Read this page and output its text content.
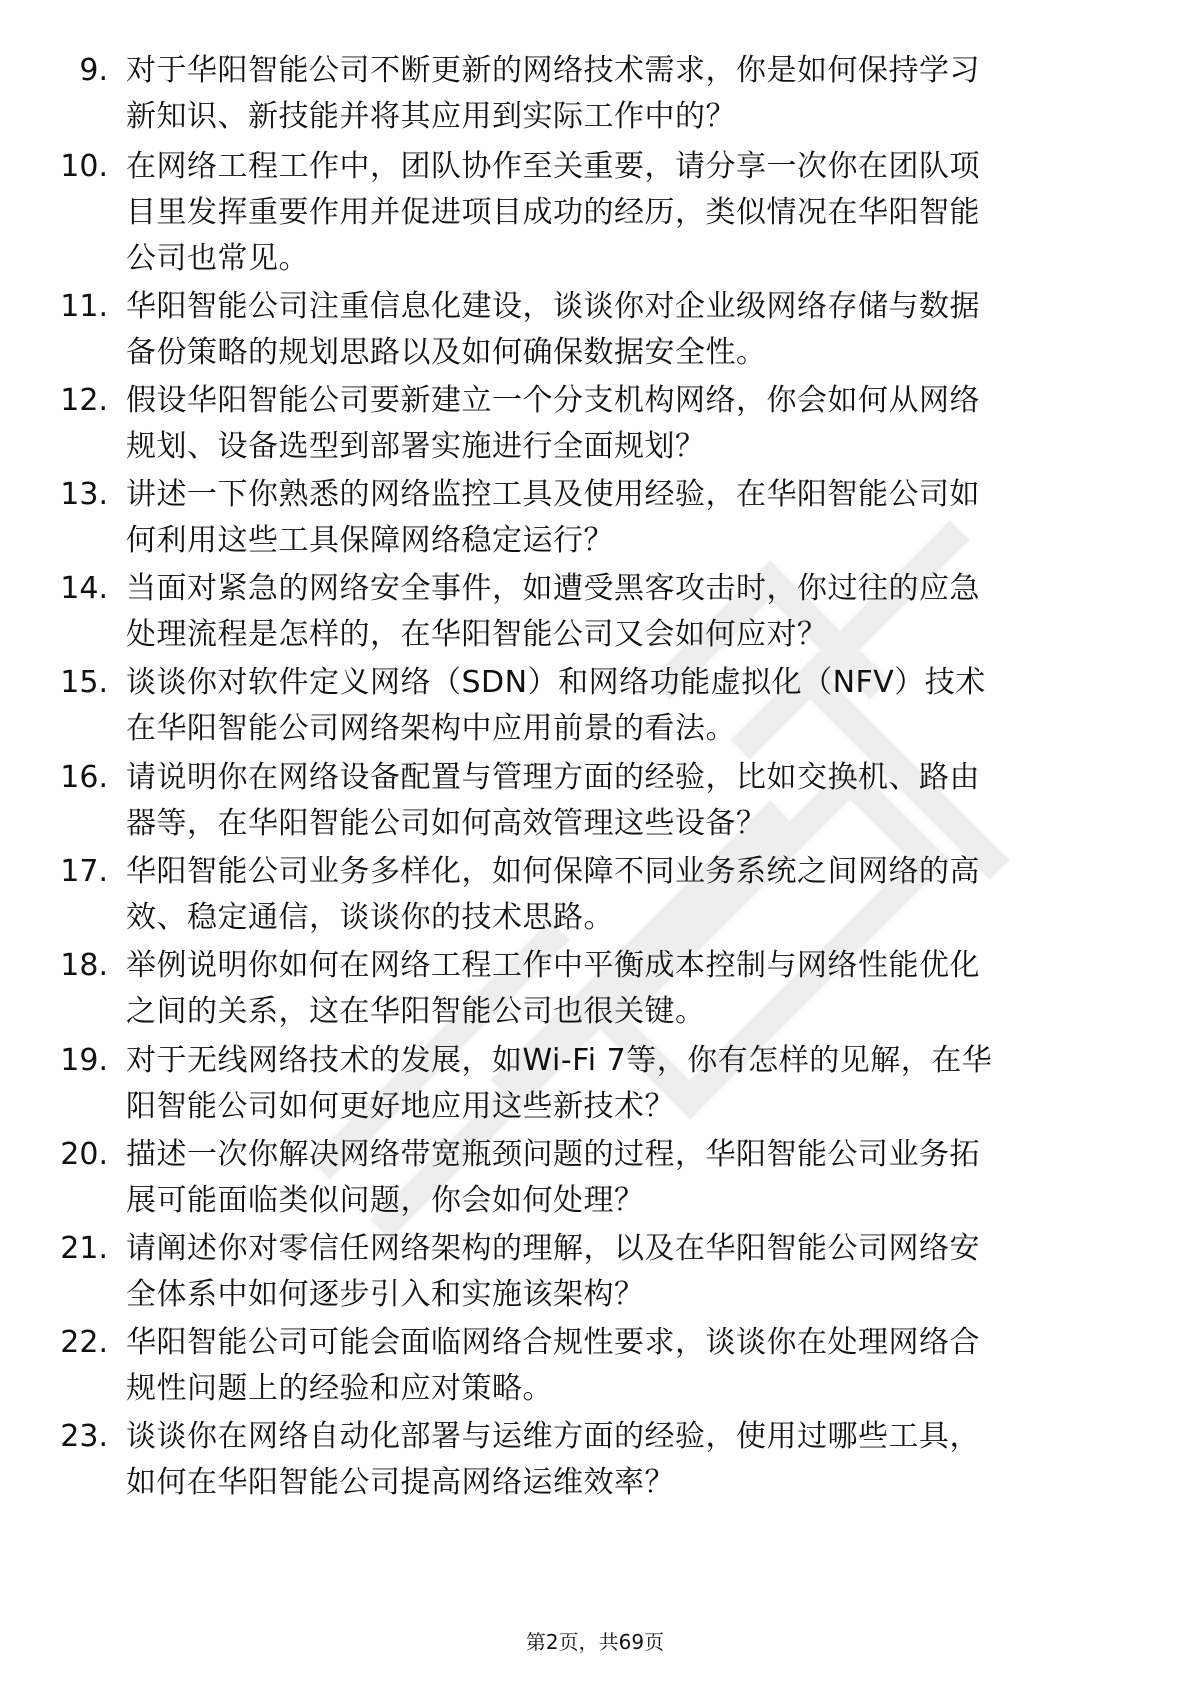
9. 对于华阳智能公司不断更新的网络技术需求，你是如何保持学习
新知识、新技能并将其应用到实际工作中的？
10. 在网络工程工作中，团队协作至关重要，请分享一次你在团队项
目里发挥重要作用并促进项目成功的经历，类似情况在华阳智能
公司也常见。
11. 华阳智能公司注重信息化建设，谈谈你对企业级网络存储与数据
备份策略的规划思路以及如何确保数据安全性。
12. 假设华阳智能公司要新建立一个分支机构网络，你会如何从网络
规划、设备选型到部署实施进行全面规划？
13. 讲述一下你熟悉的网络监控工具及使用经验，在华阳智能公司如
何利用这些工具保障网络稳定运行？
14. 当面对紧急的网络安全事件，如遭受黑客攻击时，你过往的应急
处理流程是怎样的，在华阳智能公司又会如何应对？
15. 谈谈你对软件定义网络（SDN）和网络功能虚拟化（NFV）技术
在华阳智能公司网络架构中应用前景的看法。
16. 请说明你在网络设备配置与管理方面的经验，比如交换机、路由
器等，在华阳智能公司如何高效管理这些设备？
17. 华阳智能公司业务多样化，如何保障不同业务系统之间网络的高
效、稳定通信，谈谈你的技术思路。
18. 举例说明你如何在网络工程工作中平衡成本控制与网络性能优化
之间的关系，这在华阳智能公司也很关键。
19. 对于无线网络技术的发展，如Wi-Fi 7等，你有怎样的见解，在华
阳智能公司如何更好地应用这些新技术？
20. 描述一次你解决网络带宽瓶颈问题的过程，华阳智能公司业务拓
展可能面临类似问题，你会如何处理？
21. 请阐述你对零信任网络架构的理解，以及在华阳智能公司网络安
全体系中如何逐步引入和实施该架构？
22. 华阳智能公司可能会面临网络合规性要求，谈谈你在处理网络合
规性问题上的经验和应对策略。
23. 谈谈你在网络自动化部署与运维方面的经验，使用过哪些工具，
如何在华阳智能公司提高网络运维效率？
第2页，共69页
